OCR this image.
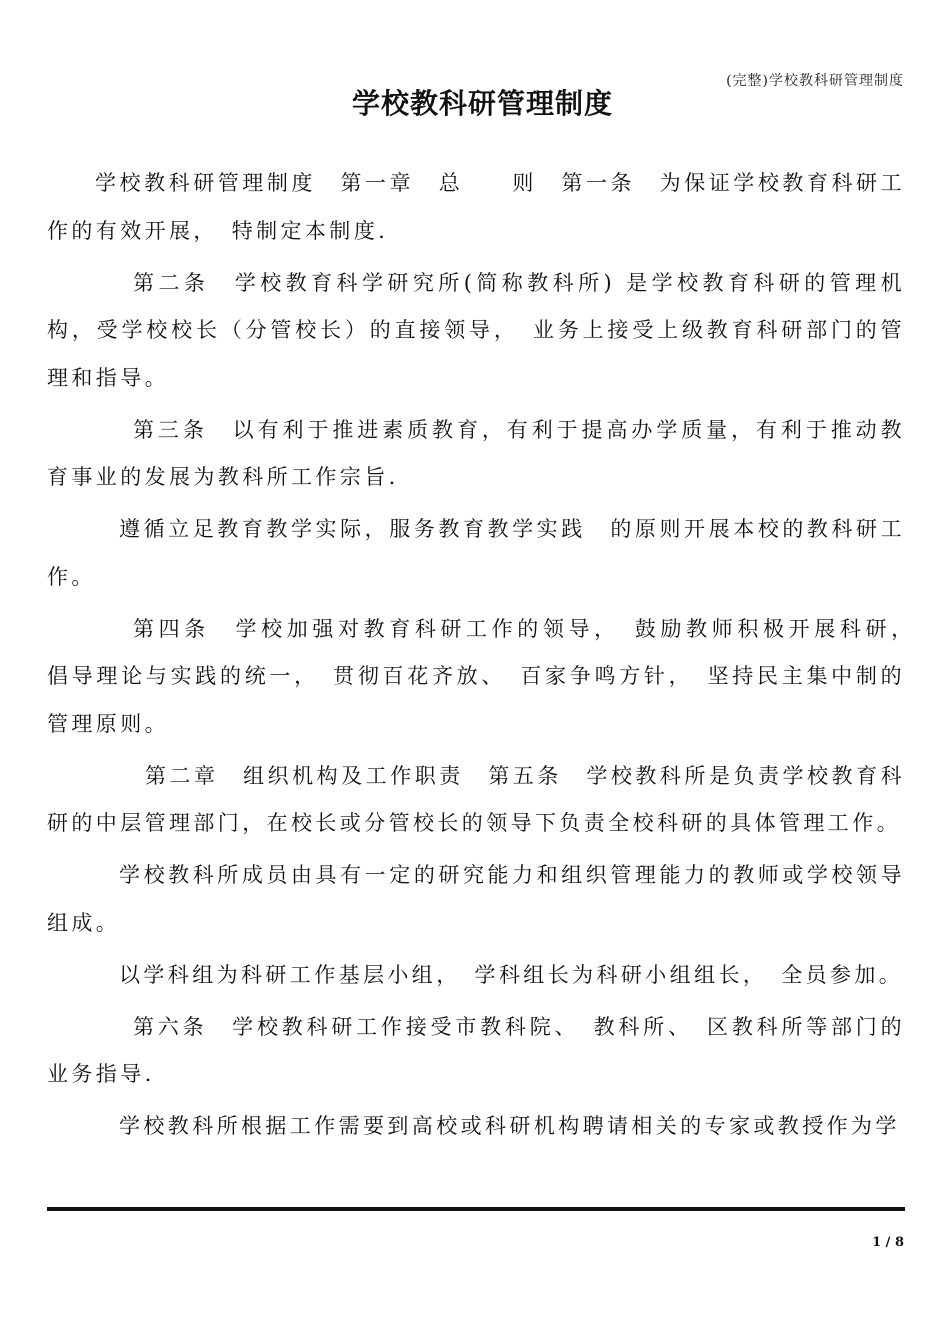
(完整)学校教科研管理制度
学校教科研管理制度

学校教科研管理制度　第一章　总　　则　第一条　为保证学校教育科研工作的有效开展，　特制定本制度.

第二条　学校教育科学研究所(简称教科所) 是学校教育科研的管理机构，受学校校长（分管校长）的直接领导，　业务上接受上级教育科研部门的管理和指导。

第三条　以有利于推进素质教育，有利于提高办学质量，有利于推动教育事业的发展为教科所工作宗旨.

遵循立足教育教学实际，服务教育教学实践　的原则开展本校的教科研工作。

第四条　学校加强对教育科研工作的领导，　鼓励教师积极开展科研，　倡导理论与实践的统一，　贯彻百花齐放、　百家争鸣方针，　坚持民主集中制的管理原则。

第二章　组织机构及工作职责　第五条　学校教科所是负责学校教育科研的中层管理部门，在校长或分管校长的领导下负责全校科研的具体管理工作。

学校教科所成员由具有一定的研究能力和组织管理能力的教师或学校领导组成。

以学科组为科研工作基层小组，　学科组长为科研小组组长，　全员参加。

第六条　学校教科研工作接受市教科院、　教科所、　区教科所等部门的业务指导.

学校教科所根据工作需要到高校或科研机构聘请相关的专家或教授作为学

1 / 8
